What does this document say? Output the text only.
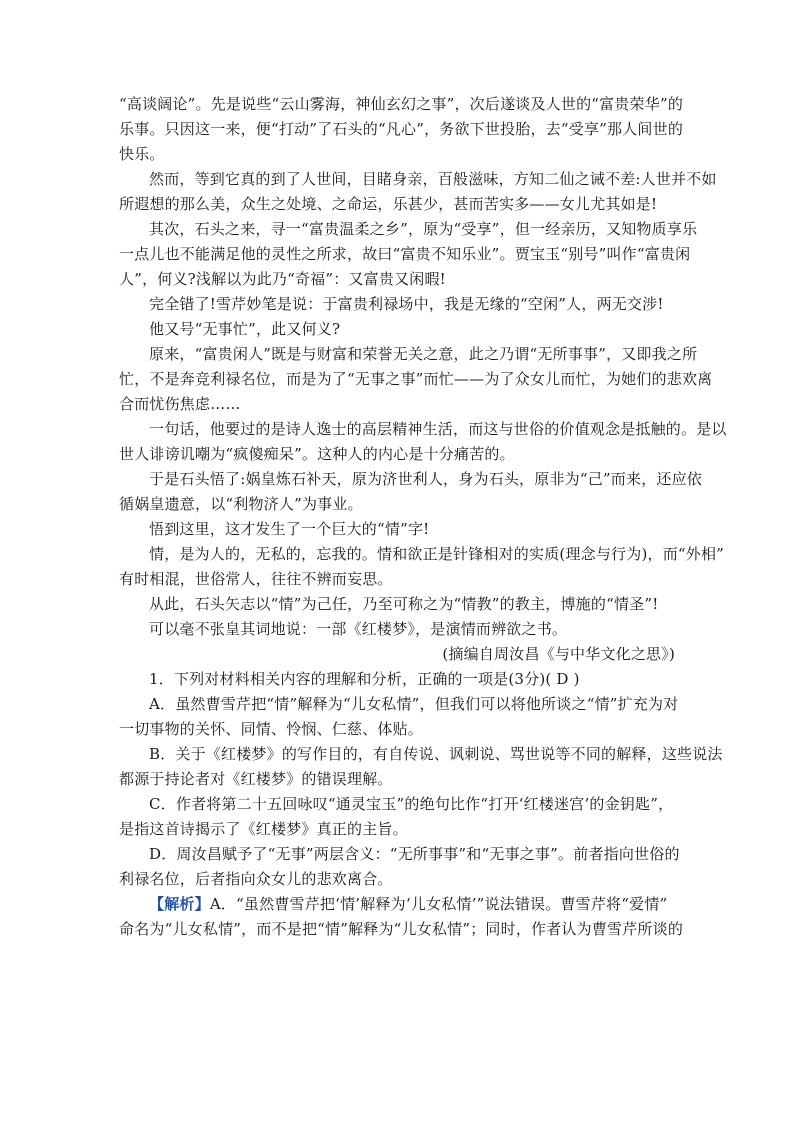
“高谈阔论”。先是说些“云山雾海，神仙玄幻之事”，次后遂谈及人世的“富贵荣华”的
乐事。只因这一来，便“打动”了石头的“凡心”，务欲下世投胎，去“受享”那人间世的
快乐。
然而，等到它真的到了人世间，目睹身亲，百般滋味，方知二仙之诫不差:人世并不如
所遐想的那么美，众生之处境、之命运，乐甚少，甚而苦实多——女儿尤其如是!
其次，石头之来，寻一“富贵温柔之乡”，原为“受享”，但一经亲历，又知物质享乐
一点儿也不能满足他的灵性之所求，故曰“富贵不知乐业”。贾宝玉“别号”叫作“富贵闲
人”，何义?浅解以为此乃“奇福”：又富贵又闲暇!
完全错了!雪芹妙笔是说：于富贵利禄场中，我是无缘的“空闲”人，两无交涉!
他又号“无事忙”，此又何义?
原来，“富贵闲人”既是与财富和荣誉无关之意，此之乃谓“无所事事”，又即我之所
忙，不是奔竞利禄名位，而是为了“无事之事”而忙——为了众女儿而忙，为她们的悲欢离
合而忧伤焦虑……
一句话，他要过的是诗人逸士的高层精神生活，而这与世俗的价值观念是抵触的。是以
世人诽谤讥嘲为“疯傻痴呆”。这种人的内心是十分痛苦的。
于是石头悟了:娲皇炼石补天，原为济世利人，身为石头，原非为“己”而来，还应依
循娲皇遗意，以“利物济人”为事业。
悟到这里，这才发生了一个巨大的“情”字!
情，是为人的，无私的，忘我的。情和欲正是针锋相对的实质(理念与行为)，而“外相”
有时相混，世俗常人，往往不辨而妄思。
从此，石头矢志以“情”为己任，乃至可称之为“情教”的教主，博施的“情圣”!
可以毫不张皇其词地说：一部《红楼梦》，是演情而辨欲之书。
(摘编自周汝昌《与中华文化之思》)
1．下列对材料相关内容的理解和分析，正确的一项是(3分)( D )
A．虽然曹雪芹把“情”解释为“儿女私情”，但我们可以将他所谈之“情”扩充为对
一切事物的关怀、同情、怜悯、仁慈、体贴。
B．关于《红楼梦》的写作目的，有自传说、讽刺说、骂世说等不同的解释，这些说法
都源于持论者对《红楼梦》的错误理解。
C．作者将第二十五回咏叹“通灵宝玉”的绝句比作“打开‘红楼迷宫’的金钥匙”，
是指这首诗揭示了《红楼梦》真正的主旨。
D．周汝昌赋予了“无事”两层含义：“无所事事”和“无事之事”。前者指向世俗的
利禄名位，后者指向众女儿的悲欢离合。
【解析】A．“虽然曹雪芹把‘情’解释为‘儿女私情’”说法错误。曹雪芹将“爱情”
命名为“儿女私情”，而不是把“情”解释为“儿女私情”；同时，作者认为曹雪芹所谈的
